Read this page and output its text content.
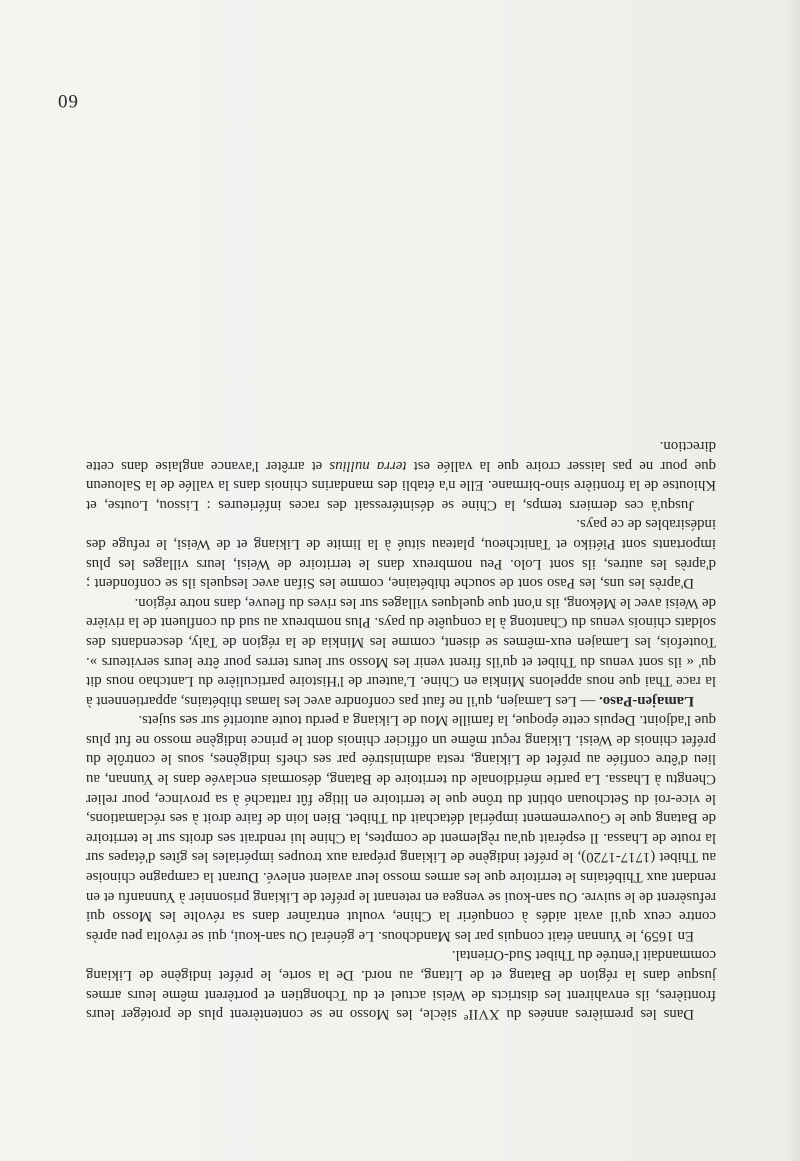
Dans les premières années du XVIIe siècle, les Mosso ne se contentèrent plus de protéger leurs frontières, ils envahirent les districts de Weisi actuel et du Tchongtien et portèrent même leurs armes jusque dans la région de Batang et de Litang, au nord. De la sorte, le préfet indigène de Likiang commandait l'entrée du Thibet Sud-Oriental.

En 1659, le Yunnan était conquis par les Mandchous. Le général Ou san-koui, qui se révolta peu après contre ceux qu'il avait aidés à conquérir la Chine, voulut entraîner dans sa révolte les Mosso qui refusèrent de le suivre. Ou san-koui se vengea en retenant le préfet de Likiang prisonnier à Yunnanfu et en rendant aux Thibétains le territoire que les armes mosso leur avaient enlevé. Durant la campagne chinoise au Thibet (1717-1720), le préfet indigène de Likiang prépara aux troupes impériales les gîtes d'étapes sur la route de Lhassa. Il espérait qu'au règlement de comptes, la Chine lui rendrait ses droits sur le territoire de Batang que le Gouvernement impérial détachait du Thibet. Bien loin de faire droit à ses réclamations, le vice-roi du Setchouan obtint du trône que le territoire en litige fût rattaché à sa province, pour relier Chengtu à Lhassa. La partie méridionale du territoire de Batang, désormais enclavée dans le Yunnan, au lieu d'être confiée au préfet de Likiang, resta administrée par ses chefs indigènes, sous le contrôle du préfet chinois de Weisi. Likiang reçut même un officier chinois dont le prince indigène mosso ne fut plus que l'adjoint. Depuis cette époque, la famille Mou de Likiang a perdu toute autorité sur ses sujets.

Lamajen-Paso. — Les Lamajen, qu'il ne faut pas confondre avec les lamas thibétains, appartiennent à la race Thai que nous appelons Minkia en Chine. L'auteur de l'Histoire particulière du Lantchao nous dit qu' « ils sont venus du Thibet et qu'ils firent venir les Mosso sur leurs terres pour être leurs serviteurs ». Toutefois, les Lamajen eux-mêmes se disent, comme les Minkia de la région de Taly, descendants des soldats chinois venus du Chantong à la conquête du pays. Plus nombreux au sud du confluent de la rivière de Weisi avec le Mékong, ils n'ont que quelques villages sur les rives du fleuve, dans notre région.

D'après les uns, les Paso sont de souche thibétaine, comme les Sifan avec lesquels ils se confondent ; d'après les autres, ils sont Lolo. Peu nombreux dans le territoire de Weisi, leurs villages les plus importants sont Piétiko et Tanitcheou, plateau situé à la limite de Likiang et de Weisi, le refuge des indésirables de ce pays.

Jusqu'à ces derniers temps, la Chine se désintéressait des races inférieures : Lissou, Loutse, et Khioutse de la frontière sino-birmane. Elle n'a établi des mandarins chinois dans la vallée de la Saloueun que pour ne pas laisser croire que la vallée est terra nullius et arrêter l'avance anglaise dans cette direction.

60
